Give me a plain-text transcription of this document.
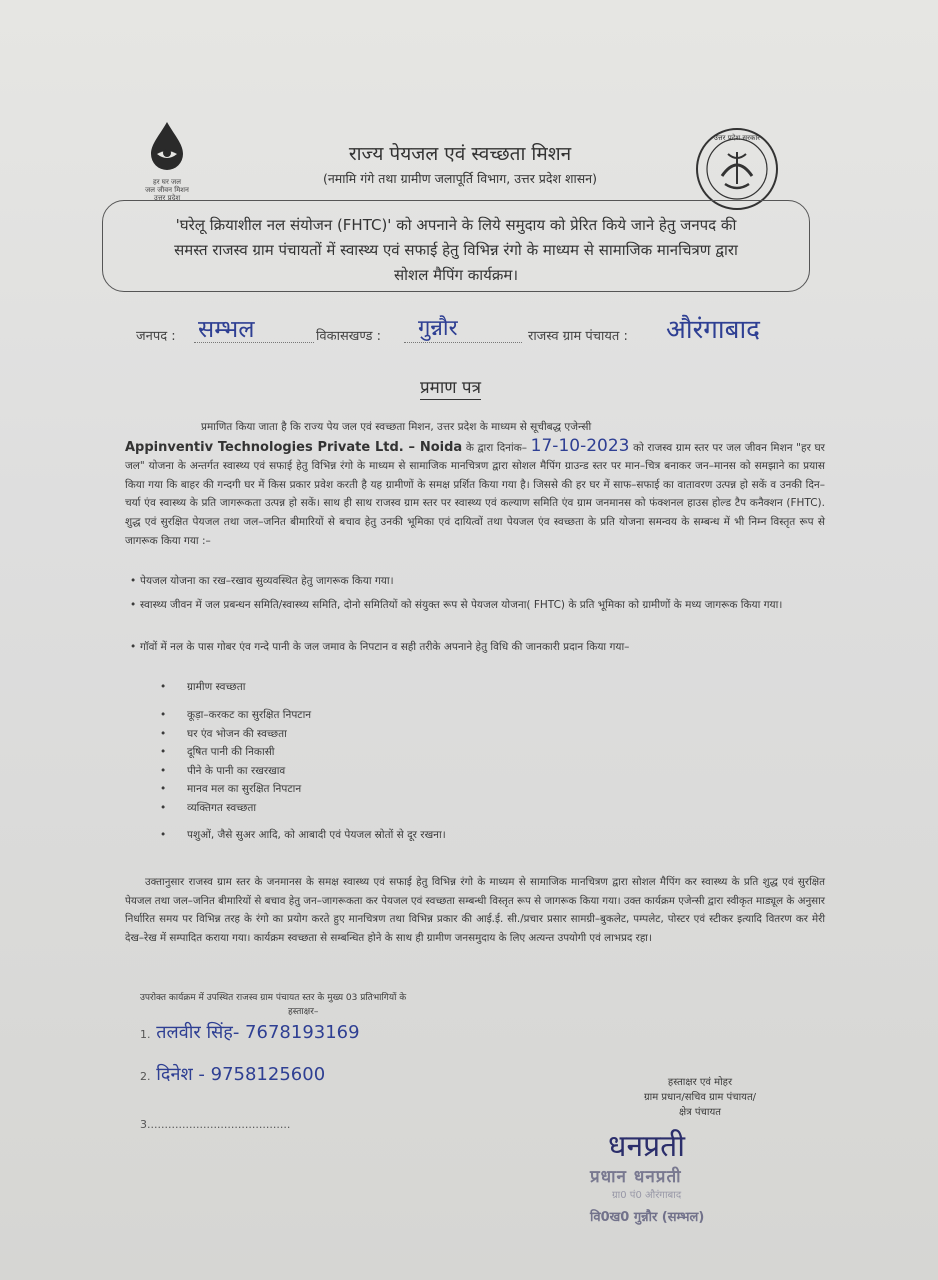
हर घर जल
जल जीवन मिशन
उत्तर प्रदेश
उत्तर प्रदेश सरकार
राज्य पेयजल एवं स्वच्छता मिशन
(नमामि गंगे तथा ग्रामीण जलापूर्ति विभाग, उत्तर प्रदेश शासन)
'घरेलू क्रियाशील नल संयोजन (FHTC)' को अपनाने के लिये समुदाय को प्रेरित किये जाने हेतु जनपद की
समस्त राजस्व ग्राम पंचायतों में स्वास्थ्य एवं सफाई हेतु विभिन्न रंगो के माध्यम से सामाजिक मानचित्रण द्वारा
सोशल मैपिंग कार्यक्रम।
जनपद : सम्भल	विकासखण्ड : गुन्नौर	राजस्व ग्राम पंचायत : औरंगाबाद
प्रमाण पत्र
प्रमाणित किया जाता है कि राज्य पेय जल एवं स्वच्छता मिशन, उत्तर प्रदेश के माध्यम से सूचीबद्ध एजेन्सी
Appinventiv Technologies Private Ltd. – Noida के द्वारा दिनांक– 17-10-2023 को राजस्व ग्राम स्तर पर जल जीवन मिशन "हर घर जल" योजना के अन्तर्गत स्वास्थ्य एवं सफाई हेतु विभिन्न रंगो के माध्यम से सामाजिक मानचित्रण द्वारा सोशल मैपिंग ग्राउन्ड स्तर पर मान–चित्र बनाकर जन–मानस को समझाने का प्रयास किया गया कि बाहर की गन्दगी घर में किस प्रकार प्रवेश करती है यह ग्रामीणों के समक्ष प्रर्शित किया गया है। जिससे की हर घर में साफ–सफाई का वातावरण उत्पन्न हो सकें व उनकी दिन–चर्या एंव स्वास्थ्य के प्रति जागरूकता उत्पन्न हो सकें। साथ ही साथ राजस्व ग्राम स्तर पर स्वास्थ्य एवं कल्याण समिति एंव ग्राम जनमानस को फंक्शनल हाउस होल्ड टैप कनैक्शन (FHTC). शुद्ध एवं सुरक्षित पेयजल तथा जल–जनित बीमारियों से बचाव हेतु उनकी भूमिका एवं दायित्वों तथा पेयजल एंव स्वच्छता के प्रति योजना समन्वय के सम्बन्ध में भी निम्न विस्तृत रूप से जागरूक किया गया :–
• पेयजल योजना का रख–रखाव सुव्यवस्थित हेतु जागरूक किया गया।
• स्वास्थ्य जीवन में जल प्रबन्धन समिति/स्वास्थ्य समिति, दोनो समितियों को संयुक्त रूप से पेयजल योजना( FHTC) के प्रति भूमिका को ग्रामीणों के मध्य जागरूक किया गया।
• गॉवों में नल के पास गोबर एंव गन्दे पानी के जल जमाव के निपटान व सही तरीके अपनाने हेतु विधि की जानकारी प्रदान किया गया–
• ग्रामीण स्वच्छता
• कूड़ा–करकट का सुरक्षित निपटान
• घर एंव भोजन की स्वच्छता
• दूषित पानी की निकासी
• पीने के पानी का रखरखाव
• मानव मल का सुरक्षित निपटान
• व्यक्तिगत स्वच्छता
• पशुओं, जैसे सुअर आदि, को आबादी एवं पेयजल स्रोतों से दूर रखना।
उक्तानुसार राजस्व ग्राम स्तर के जनमानस के समक्ष स्वास्थ्य एवं सफाई हेतु विभिन्न रंगो के माध्यम से सामाजिक मानचित्रण द्वारा सोशल मैपिंग कर स्वास्थ्य के प्रति शुद्ध एवं सुरक्षित पेयजल तथा जल–जनित बीमारियों से बचाव हेतु जन–जागरूकता कर पेयजल एवं स्वच्छता सम्बन्धी विस्तृत रूप से जागरूक किया गया। उक्त कार्यक्रम एजेन्सी द्वारा स्वीकृत माड्यूल के अनुसार निर्धारित समय पर विभिन्न तरह के रंगो का प्रयोग करते हुए मानचित्रण तथा विभिन्न प्रकार की आई.ई. सी./प्रचार प्रसार सामग्री–बुकलेट, पम्पलेट, पोस्टर एवं स्टीकर इत्यादि वितरण कर मेरी देख–रेख में सम्पादित कराया गया। कार्यक्रम स्वच्छता से सम्बन्धित होने के साथ ही ग्रामीण जनसमुदाय के लिए अत्यन्त उपयोगी एवं लाभप्रद रहा।
उपरोक्त कार्यक्रम में उपस्थित राजस्व ग्राम पंचायत स्तर के मुख्य 03 प्रतिभागियों के
हस्ताक्षर–
1. तलवीर सिंह- 7678193169
2. दिनेश - 9758125600
3.........................................
हस्ताक्षर एवं मोहर
ग्राम प्रधान/सचिव ग्राम पंचायत/
क्षेत्र पंचायत
धनप्रती
प्रधान धनप्रती
ग्रा0 पं0 औरंगाबाद
वि0ख0 गुन्नौर (सम्भल)
